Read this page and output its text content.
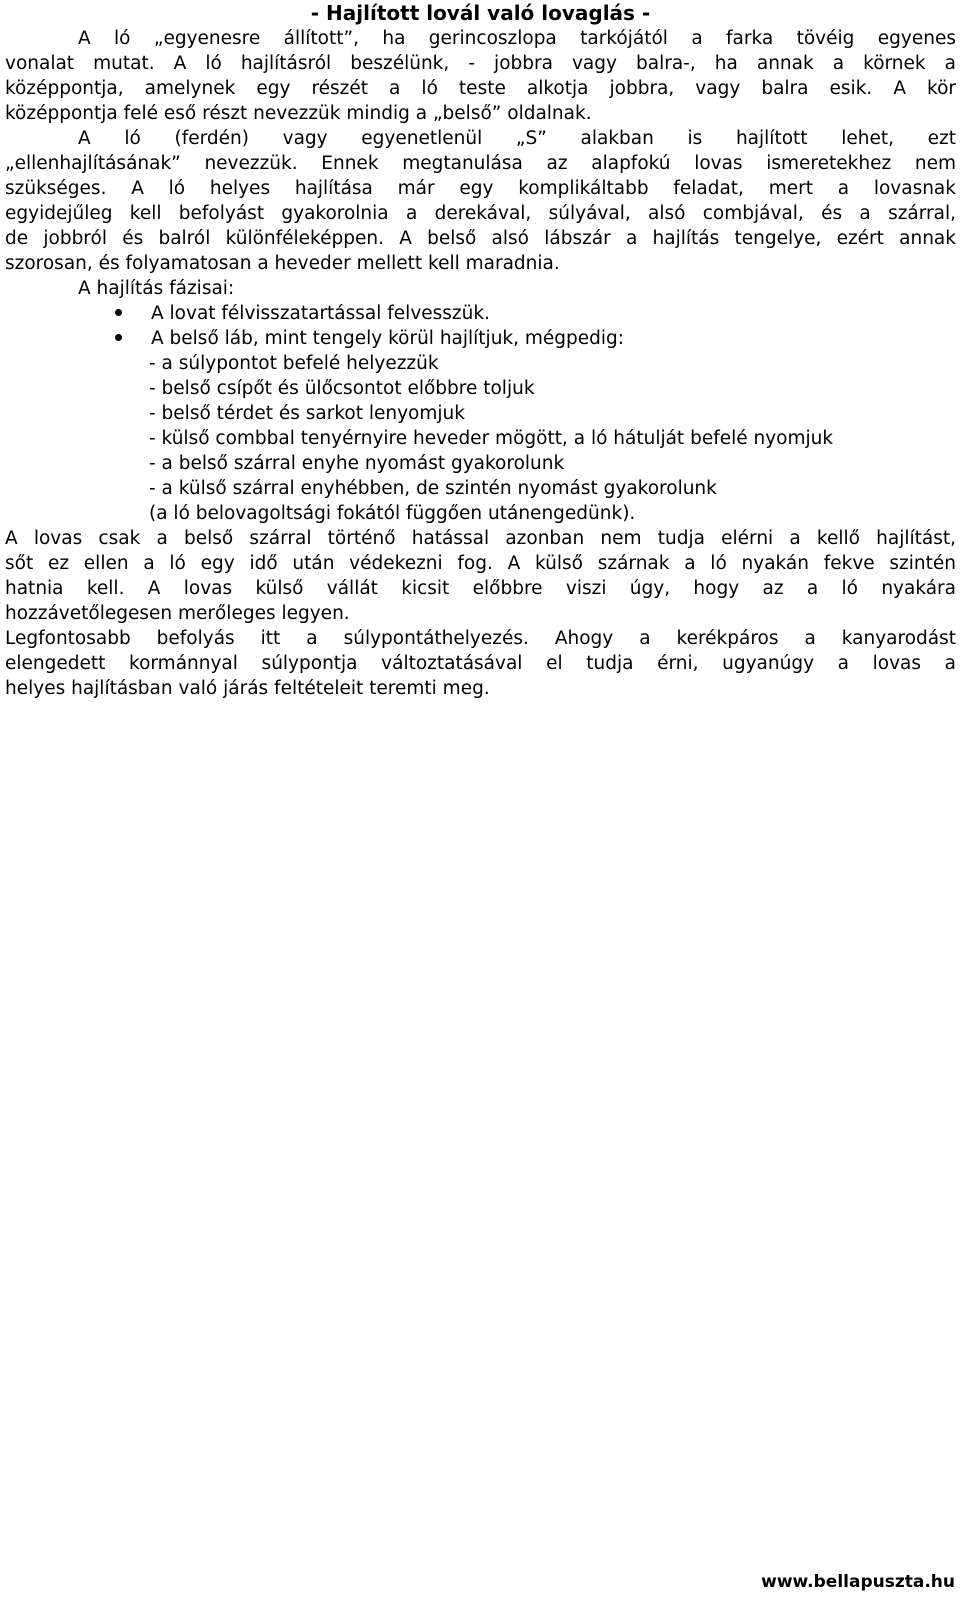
- Hajlított lovál való lovaglás -
A ló „egyenesre állított”, ha gerincoszlopa tarkójától a farka tövéig egyenes
vonalat mutat. A ló hajlításról beszélünk, - jobbra vagy balra-, ha annak a körnek a
középpontja, amelynek egy részét a ló teste alkotja jobbra, vagy balra esik. A kör
középpontja felé eső részt nevezzük mindig a „belső” oldalnak.
A ló (ferdén) vagy egyenetlenül „S” alakban is hajlított lehet, ezt
„ellenhajlításának” nevezzük. Ennek megtanulása az alapfokú lovas ismeretekhez nem
szükséges. A ló helyes hajlítása már egy komplikáltabb feladat, mert a lovasnak
egyidejűleg kell befolyást gyakorolnia a derekával, súlyával, alsó combjával, és a szárral,
de jobbról és balról különféleképpen. A belső alsó lábszár a hajlítás tengelye, ezért annak
szorosan, és folyamatosan a heveder mellett kell maradnia.
A hajlítás fázisai:
A lovat félvisszatartással felvesszük.
A belső láb, mint tengely körül hajlítjuk, mégpedig:
- a súlypontot befelé helyezzük
- belső csípőt és ülőcsontot előbbre toljuk
- belső térdet és sarkot lenyomjuk
- külső combbal tenyérnyire heveder mögött, a ló hátulját befelé nyomjuk
- a belső szárral enyhe nyomást gyakorolunk
- a külső szárral enyhébben, de szintén nyomást gyakorolunk
(a ló belovagoltsági fokától függően utánengedünk).
A lovas csak a belső szárral történő hatással azonban nem tudja elérni a kellő hajlítást,
sőt ez ellen a ló egy idő után védekezni fog. A külső szárnak a ló nyakán fekve szintén
hatnia kell. A lovas külső vállát kicsit előbbre viszi úgy, hogy az a ló nyakára
hozzávetőlegesen merőleges legyen.
Legfontosabb befolyás itt a súlypontáthelyezés. Ahogy a kerékpáros a kanyarodást
elengedett kormánnyal súlypontja változtatásával el tudja érni, ugyanúgy a lovas a
helyes hajlításban való járás feltételeit teremti meg.
www.bellapuszta.hu
